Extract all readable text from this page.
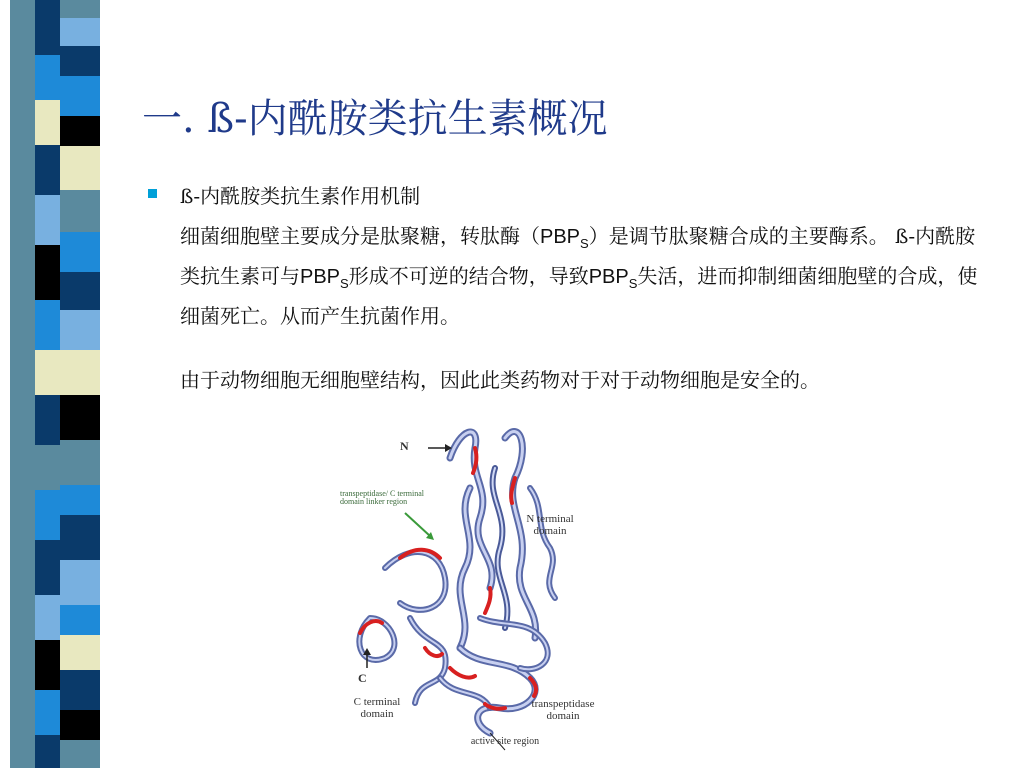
一. ß-内酰胺类抗生素概况
ß-内酰胺类抗生素作用机制
细菌细胞壁主要成分是肽聚糖，转肽酶$(PBP_S)$是调节肽聚糖合成的主要酶系。 ß-内酰胺类抗生素可与$PBP_S$形成不可逆的结合物，导致$PBP_S$失活，进而抑制细菌细胞壁的合成，使细菌死亡。从而产生抗菌作用。
由于动物细胞无细胞壁结构，因此此类药物对于对于动物细胞是安全的。
N
transpeptidase/ C terminal domain linker region
N terminal domain
C
C terminal domain
transpeptidase domain
active site region
